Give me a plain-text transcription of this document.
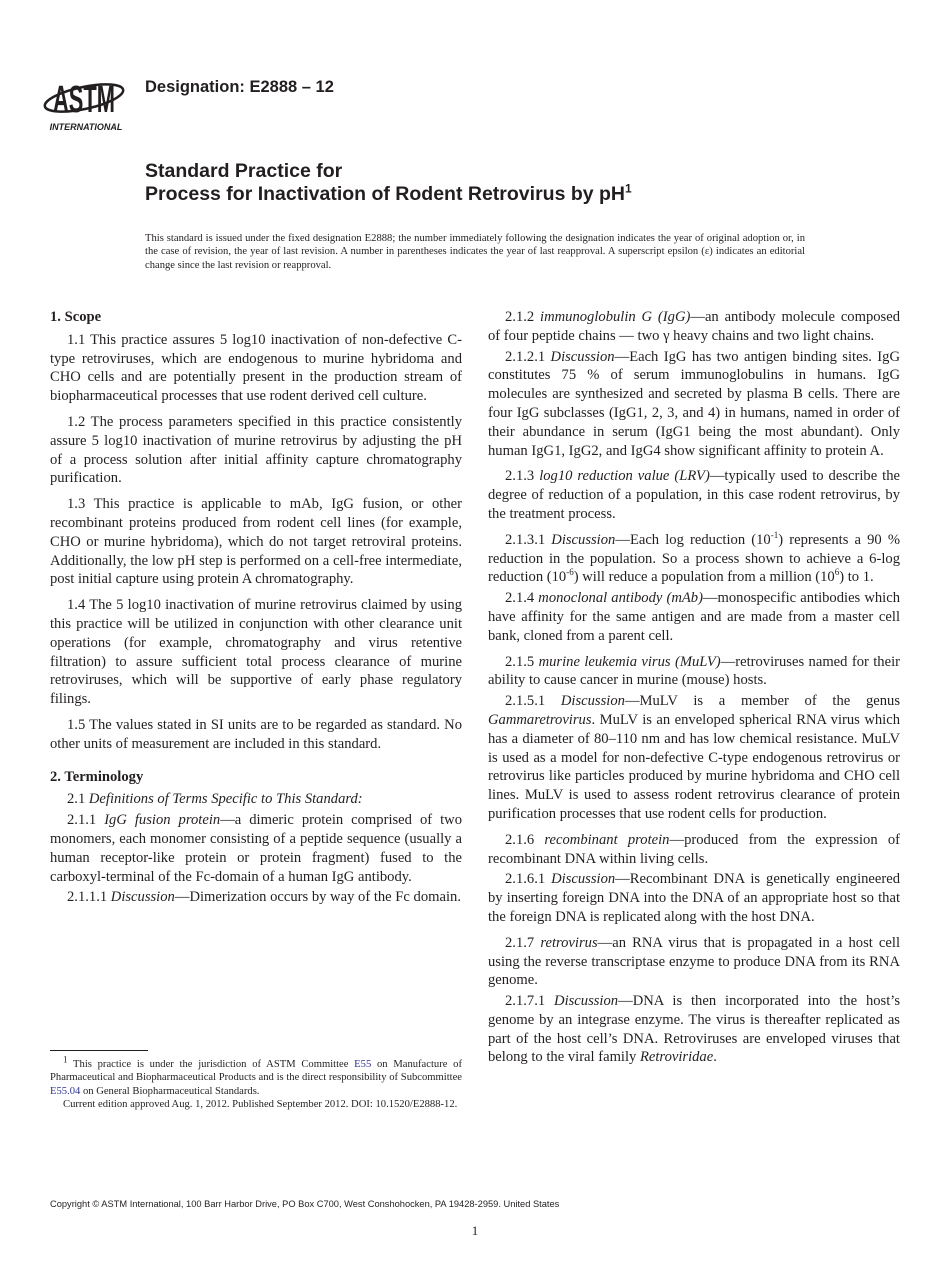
ASTM
INTERNATIONAL
Designation: E2888 – 12
Standard Practice for
Process for Inactivation of Rodent Retrovirus by $pH^1$
This standard is issued under the fixed designation E2888; the number immediately following the designation indicates the year of original adoption or, in the case of revision, the year of last revision. A number in parentheses indicates the year of last reapproval. A superscript epsilon (ε) indicates an editorial change since the last revision or reapproval.
1. Scope

1.1 This practice assures 5 log10 inactivation of non-defective C-type retroviruses, which are endogenous to murine hybridoma and CHO cells and are potentially present in the production stream of biopharmaceutical processes that use rodent derived cell culture.

1.2 The process parameters specified in this practice consistently assure 5 log10 inactivation of murine retrovirus by adjusting the pH of a process solution after initial affinity capture chromatography purification.

1.3 This practice is applicable to mAb, IgG fusion, or other recombinant proteins produced from rodent cell lines (for example, CHO or murine hybridoma), which do not target retroviral proteins. Additionally, the low pH step is performed on a cell-free intermediate, post initial capture using protein A chromatography.

1.4 The 5 log10 inactivation of murine retrovirus claimed by using this practice will be utilized in conjunction with other clearance unit operations (for example, chromatography and virus retentive filtration) to assure sufficient total process clearance of murine retroviruses, which will be supportive of early phase regulatory filings.

1.5 The values stated in SI units are to be regarded as standard. No other units of measurement are included in this standard.

2. Terminology

2.1 Definitions of Terms Specific to This Standard:

2.1.1 IgG fusion protein—a dimeric protein comprised of two monomers, each monomer consisting of a peptide sequence (usually a human receptor-like protein or protein fragment) fused to the carboxyl-terminal of the Fc-domain of a human IgG antibody.

2.1.1.1 Discussion—Dimerization occurs by way of the Fc domain.

2.1.2 immunoglobulin G (IgG)—an antibody molecule composed of four peptide chains — two γ heavy chains and two light chains.

2.1.2.1 Discussion—Each IgG has two antigen binding sites. IgG constitutes 75 % of serum immunoglobulins in humans. IgG molecules are synthesized and secreted by plasma B cells. There are four IgG subclasses (IgG1, 2, 3, and 4) in humans, named in order of their abundance in serum (IgG1 being the most abundant). Only human IgG1, IgG2, and IgG4 show significant affinity to protein A.

2.1.3 log10 reduction value (LRV)—typically used to describe the degree of reduction of a population, in this case rodent retrovirus, by the treatment process.

2.1.3.1 Discussion—Each log reduction $(10^{-1})$ represents a 90 % reduction in the population. So a process shown to achieve a 6-log reduction $(10^{-6})$ will reduce a population from a million $(10^6)$ to 1.

2.1.4 monoclonal antibody (mAb)—monospecific antibodies which have affinity for the same antigen and are made from a master cell bank, cloned from a parent cell.

2.1.5 murine leukemia virus (MuLV)—retroviruses named for their ability to cause cancer in murine (mouse) hosts.

2.1.5.1 Discussion—MuLV is a member of the genus Gammaretrovirus. MuLV is an enveloped spherical RNA virus which has a diameter of 80–110 nm and has low chemical resistance. MuLV is used as a model for non-defective C-type endogenous retrovirus or retrovirus like particles produced by murine hybridoma and CHO cell lines. MuLV is used to assess rodent retrovirus clearance of protein purification processes that use rodent cells for production.

2.1.6 recombinant protein—produced from the expression of recombinant DNA within living cells.

2.1.6.1 Discussion—Recombinant DNA is genetically engineered by inserting foreign DNA into the DNA of an appropriate host so that the foreign DNA is replicated along with the host DNA.

2.1.7 retrovirus—an RNA virus that is propagated in a host cell using the reverse transcriptase enzyme to produce DNA from its RNA genome.

2.1.7.1 Discussion—DNA is then incorporated into the host’s genome by an integrase enzyme. The virus is thereafter replicated as part of the host cell’s DNA. Retroviruses are enveloped viruses that belong to the viral family Retroviridae.

$^1$ This practice is under the jurisdiction of ASTM Committee E55 on Manufacture of Pharmaceutical and Biopharmaceutical Products and is the direct responsibility of Subcommittee E55.04 on General Biopharmaceutical Standards.

Current edition approved Aug. 1, 2012. Published September 2012. DOI: 10.1520/E2888-12.

Copyright © ASTM International, 100 Barr Harbor Drive, PO Box C700, West Conshohocken, PA 19428-2959. United States
1
